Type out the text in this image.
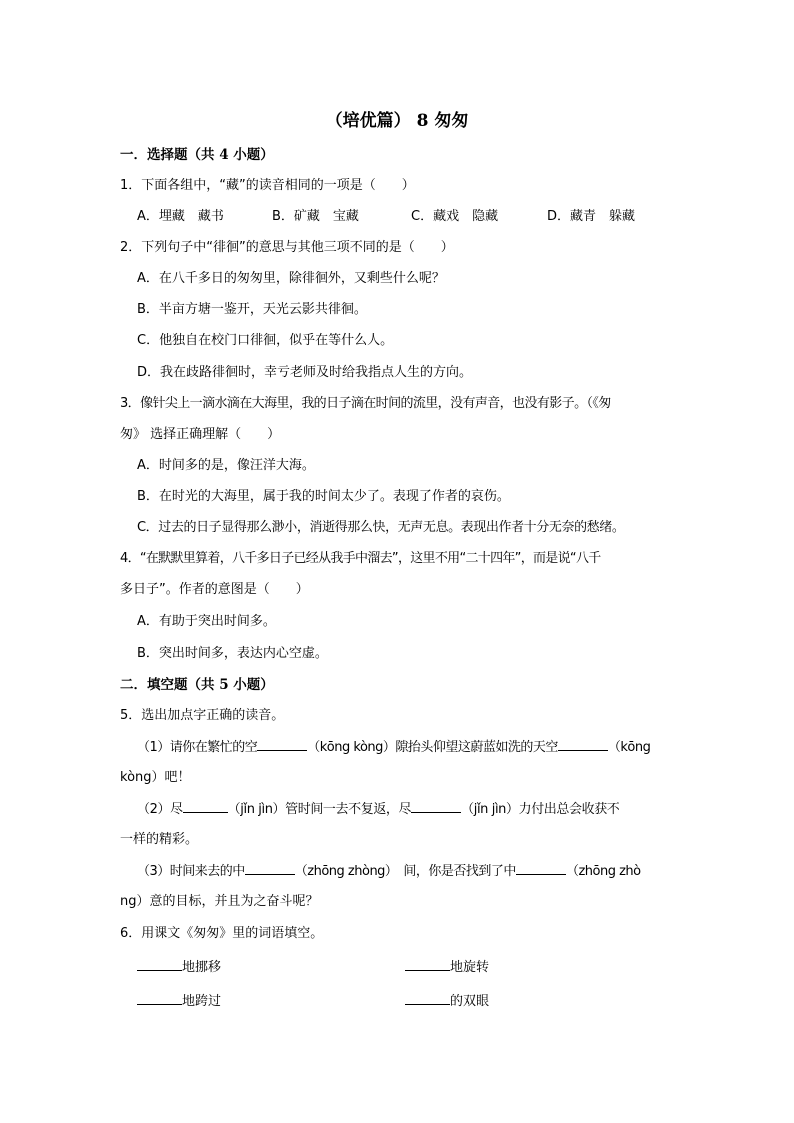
（培优篇） 8 匆匆
一．选择题（共 4 小题）
1．下面各组中，“藏”的读音相同的一项是（　　）
A．埋藏　藏书	B．矿藏　宝藏	C．藏戏　隐藏	D．藏青　躲藏
2．下列句子中“徘徊”的意思与其他三项不同的是（　　）
A．在八千多日的匆匆里，除徘徊外，又剩些什么呢？
B．半亩方塘一鉴开，天光云影共徘徊。
C．他独自在校门口徘徊，似乎在等什么人。
D．我在歧路徘徊时，幸亏老师及时给我指点人生的方向。
3．像针尖上一滴水滴在大海里，我的日子滴在时间的流里，没有声音，也没有影子。（《匆
匆》 选择正确理解（　　）
A．时间多的是，像汪洋大海。
B．在时光的大海里，属于我的时间太少了。表现了作者的哀伤。
C．过去的日子显得那么渺小，消逝得那么快，无声无息。表现出作者十分无奈的愁绪。
4．“在默默里算着，八千多日子已经从我手中溜去”，这里不用“二十四年”，而是说“八千
多日子”。作者的意图是（　　）
A．有助于突出时间多。
B．突出时间多，表达内心空虚。
二．填空题（共 5 小题）
5．选出加点字正确的读音。
（1）请你在繁忙的空	（kōng kòng）隙抬头仰望这蔚蓝如洗的天空	（kōng
kòng）吧！
（2）尽	（jǐn jìn）管时间一去不复返，尽	（jǐn jìn）力付出总会收获不
一样的精彩。
（3）时间来去的中	（zhōng zhòng）　间，你是否找到了中	（zhōng zhò
ng）意的目标，并且为之奋斗呢？
6．用课文《匆匆》里的词语填空。
地挪移	地旋转
地跨过	的双眼
